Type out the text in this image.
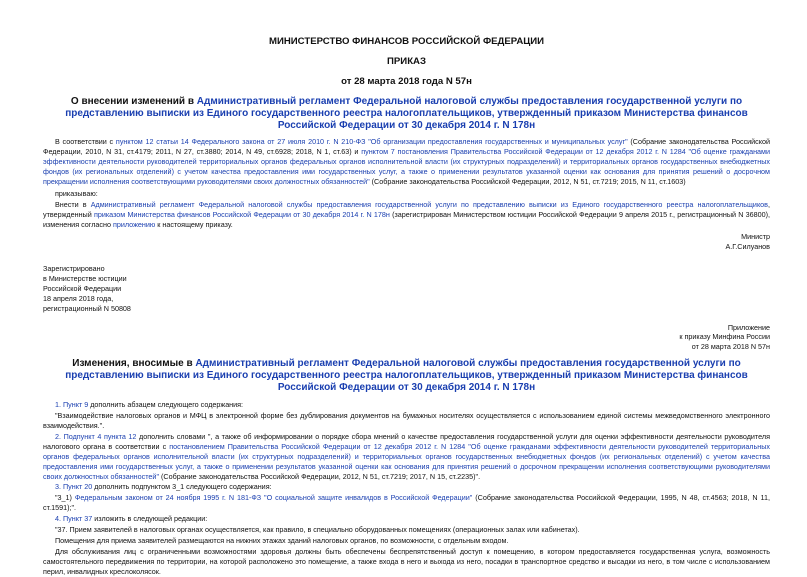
МИНИСТЕРСТВО ФИНАНСОВ РОССИЙСКОЙ ФЕДЕРАЦИИ
ПРИКАЗ
от 28 марта 2018 года N 57н
О внесении изменений в Административный регламент Федеральной налоговой службы предоставления государственной услуги по представлению выписки из Единого государственного реестра налогоплательщиков, утвержденный приказом Министерства финансов Российской Федерации от 30 декабря 2014 г. N 178н

В соответствии с пунктом 12 статьи 14 Федерального закона от 27 июля 2010 г. N 210-ФЗ "Об организации предоставления государственных и муниципальных услуг" (Собрание законодательства Российской Федерации, 2010, N 31, ст.4179; 2011, N 27, ст.3880; 2014, N 49, ст.6928; 2018, N 1, ст.63) и пунктом 7 постановления Правительства Российской Федерации от 12 декабря 2012 г. N 1284 "Об оценке гражданами эффективности деятельности руководителей территориальных органов федеральных органов исполнительной власти (их структурных подразделений) и территориальных органов государственных внебюджетных фондов (их региональных отделений) с учетом качества предоставления ими государственных услуг, а также о применении результатов указанной оценки как основания для принятия решений о досрочном прекращении исполнения соответствующими руководителями своих должностных обязанностей" (Собрание законодательства Российской Федерации, 2012, N 51, ст.7219; 2015, N 11, ст.1603)

приказываю:

Внести в Административный регламент Федеральной налоговой службы предоставления государственной услуги по представлению выписки из Единого государственного реестра налогоплательщиков, утвержденный приказом Министерства финансов Российской Федерации от 30 декабря 2014 г. N 178н (зарегистрирован Министерством юстиции Российской Федерации 9 апреля 2015 г., регистрационный N 36800), изменения согласно приложению к настоящему приказу.

Министр

А.Г.Силуанов

Зарегистрировано

в Министерстве юстиции

Российской Федерации

18 апреля 2018 года,

регистрационный N 50808

Приложение

к приказу Минфина России

от 28 марта 2018 N 57н

Изменения, вносимые в Административный регламент Федеральной налоговой службы предоставления государственной услуги по представлению выписки из Единого государственного реестра налогоплательщиков, утвержденный приказом Министерства финансов Российской Федерации от 30 декабря 2014 г. N 178н

1. Пункт 9 дополнить абзацем следующего содержания:

"Взаимодействие налоговых органов и МФЦ в электронной форме без дублирования документов на бумажных носителях осуществляется с использованием единой системы межведомственного электронного взаимодействия.".

2. Подпункт 4 пункта 12 дополнить словами ", а также об информировании о порядке сбора мнений о качестве предоставления государственной услуги для оценки эффективности деятельности руководителя налогового органа в соответствии с постановлением Правительства Российской Федерации от 12 декабря 2012 г. N 1284 "Об оценке гражданами эффективности деятельности руководителей территориальных органов федеральных органов исполнительной власти (их структурных подразделений) и территориальных органов государственных внебюджетных фондов (их региональных отделений) с учетом качества предоставления ими государственных услуг, а также о применении результатов указанной оценки как основания для принятия решений о досрочном прекращении исполнения соответствующими руководителями своих должностных обязанностей" (Собрание законодательства Российской Федерации, 2012, N 51, ст.7219; 2017, N 15, ст.2235)".

3. Пункт 20 дополнить подпунктом 3_1 следующего содержания:

"3_1) Федеральным законом от 24 ноября 1995 г. N 181-ФЗ "О социальной защите инвалидов в Российской Федерации" (Собрание законодательства Российской Федерации, 1995, N 48, ст.4563; 2018, N 11, ст.1591);".

4. Пункт 37 изложить в следующей редакции:

"37. Прием заявителей в налоговых органах осуществляется, как правило, в специально оборудованных помещениях (операционных залах или кабинетах).

Помещения для приема заявителей размещаются на нижних этажах зданий налоговых органов, по возможности, с отдельным входом.

Для обслуживания лиц с ограниченными возможностями здоровья должны быть обеспечены беспрепятственный доступ к помещению, в котором предоставляется государственная услуга, возможность самостоятельного передвижения по территории, на которой расположено это помещение, а также входа в него и выхода из него, посадки в транспортное средство и высадки из него, в том числе с использованием перил, инвалидных креслоколясок.
